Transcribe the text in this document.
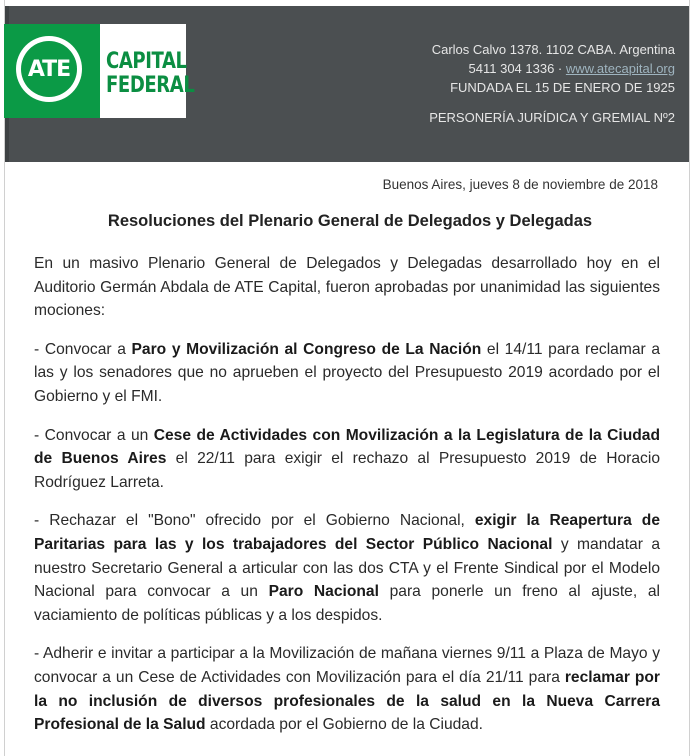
ATE	CAPITAL
FEDERAL
Carlos Calvo 1378. 1102 CABA. Argentina
5411 304 1336 · www.atecapital.org
FUNDADA EL 15 DE ENERO DE 1925
PERSONERÍA JURÍDICA Y GREMIAL Nº2
Buenos Aires, jueves 8 de noviembre de 2018
Resoluciones del Plenario General de Delegados y Delegadas

En un masivo Plenario General de Delegados y Delegadas desarrollado hoy en el Auditorio Germán Abdala de ATE Capital, fueron aprobadas por unanimidad las siguientes mociones:

- Convocar a Paro y Movilización al Congreso de La Nación el 14/11 para reclamar a las y los senadores que no aprueben el proyecto del Presupuesto 2019 acordado por el Gobierno y el FMI.

- Convocar a un Cese de Actividades con Movilización a la Legislatura de la Ciudad de Buenos Aires el 22/11 para exigir el rechazo al Presupuesto 2019 de Horacio Rodríguez Larreta.

- Rechazar el "Bono" ofrecido por el Gobierno Nacional, exigir la Reapertura de Paritarias para las y los trabajadores del Sector Público Nacional y mandatar a nuestro Secretario General a articular con las dos CTA y el Frente Sindical por el Modelo Nacional para convocar a un Paro Nacional para ponerle un freno al ajuste, al vaciamiento de políticas públicas y a los despidos.

- Adherir e invitar a participar a la Movilización de mañana viernes 9/11 a Plaza de Mayo y convocar a un Cese de Actividades con Movilización para el día 21/11 para reclamar por la no inclusión de diversos profesionales de la salud en la Nueva Carrera Profesional de la Salud acordada por el Gobierno de la Ciudad.
